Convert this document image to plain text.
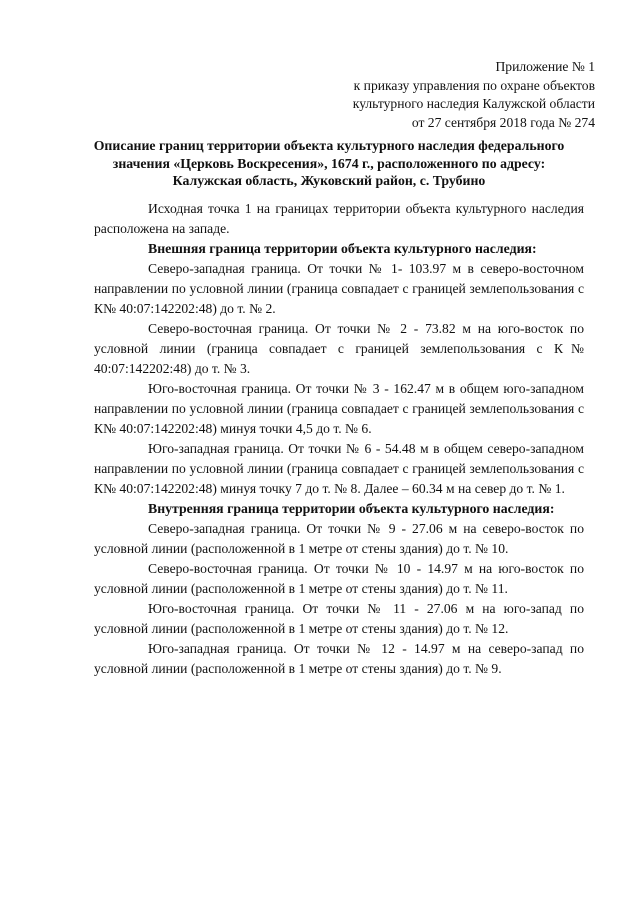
Приложение № 1
к приказу управления по охране объектов
культурного наследия Калужской области
от 27 сентября 2018 года № 274
Описание границ территории объекта культурного наследия федерального
значения «Церковь Воскресения», 1674 г., расположенного по адресу:
Калужская область, Жуковский район, с. Трубино

Исходная точка 1 на границах территории объекта культурного наследия расположена на западе.

Внешняя граница территории объекта культурного наследия:

Северо-западная граница. От точки № 1- 103.97 м в северо-восточном направлении по условной линии (граница совпадает с границей землепользования с К№ 40:07:142202:48) до т. № 2.

Северо-восточная граница. От точки № 2 - 73.82 м на юго-восток по условной линии (граница совпадает с границей землепользования с К№ 40:07:142202:48) до т. № 3.

Юго-восточная граница. От точки № 3 - 162.47 м в общем юго-западном направлении по условной линии (граница совпадает с границей землепользования с К№ 40:07:142202:48) минуя точки 4,5 до т. № 6.

Юго-западная граница. От точки № 6 - 54.48 м в общем северо-западном направлении по условной линии (граница совпадает с границей землепользования с К№ 40:07:142202:48) минуя точку 7 до т. № 8. Далее – 60.34 м на север до т. № 1.

Внутренняя граница территории объекта культурного наследия:

Северо-западная граница. От точки № 9 - 27.06 м на северо-восток по условной линии (расположенной в 1 метре от стены здания) до т. № 10.

Северо-восточная граница. От точки № 10 - 14.97 м на юго-восток по условной линии (расположенной в 1 метре от стены здания) до т. № 11.

Юго-восточная граница. От точки № 11 - 27.06 м на юго-запад по условной линии (расположенной в 1 метре от стены здания) до т. № 12.

Юго-западная граница. От точки № 12 - 14.97 м на северо-запад по условной линии (расположенной в 1 метре от стены здания) до т. № 9.
